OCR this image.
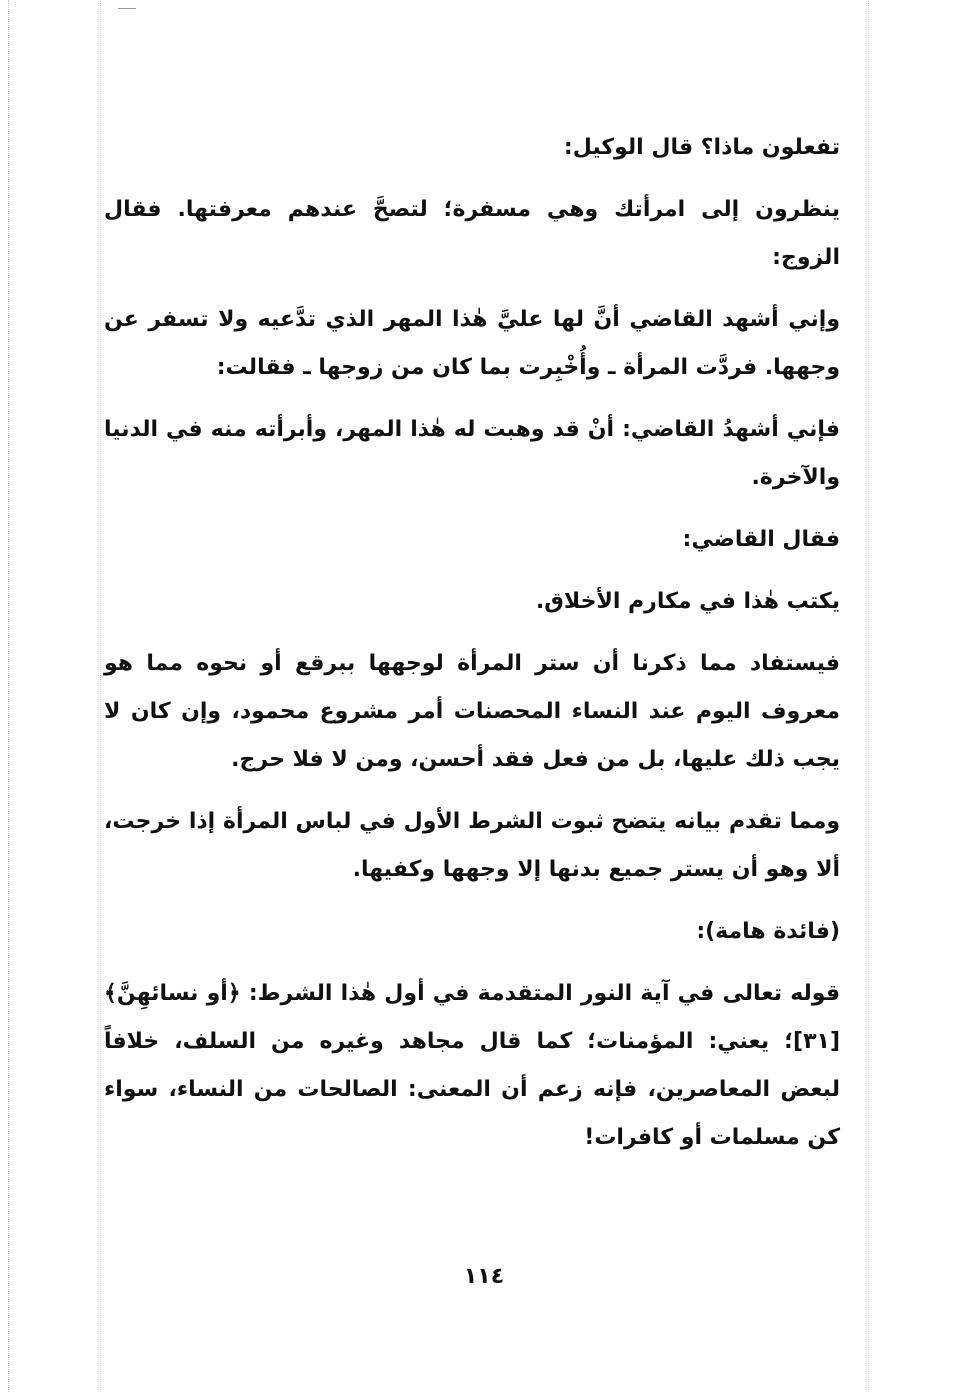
تفعلون ماذا؟ قال الوكيل:

ينظرون إلى امرأتك وهي مسفرة؛ لتصحَّ عندهم معرفتها. فقال الزوج:

وإني أشهد القاضي أنَّ لها عليَّ هٰذا المهر الذي تدَّعيه ولا تسفر عن وجهها. فردَّت المرأة ـ وأُخْبِرت بما كان من زوجها ـ فقالت:

فإني أشهدُ القاضي: أنْ قد وهبت له هٰذا المهر، وأبرأته منه في الدنيا والآخرة.

فقال القاضي:

يكتب هٰذا في مكارم الأخلاق.

فيستفاد مما ذكرنا أن ستر المرأة لوجهها ببرقع أو نحوه مما هو معروف اليوم عند النساء المحصنات أمر مشروع محمود، وإن كان لا يجب ذلك عليها، بل من فعل فقد أحسن، ومن لا فلا حرج.

ومما تقدم بيانه يتضح ثبوت الشرط الأول في لباس المرأة إذا خرجت، ألا وهو أن يستر جميع بدنها إلا وجهها وكفيها.

(فائدة هامة):

قوله تعالى في آية النور المتقدمة في أول هٰذا الشرط: ﴿أو نسائهِنَّ﴾ [٣١]؛ يعني: المؤمنات؛ كما قال مجاهد وغيره من السلف، خلافاً لبعض المعاصرين، فإنه زعم أن المعنى: الصالحات من النساء، سواء كن مسلمات أو كافرات!

١١٤
